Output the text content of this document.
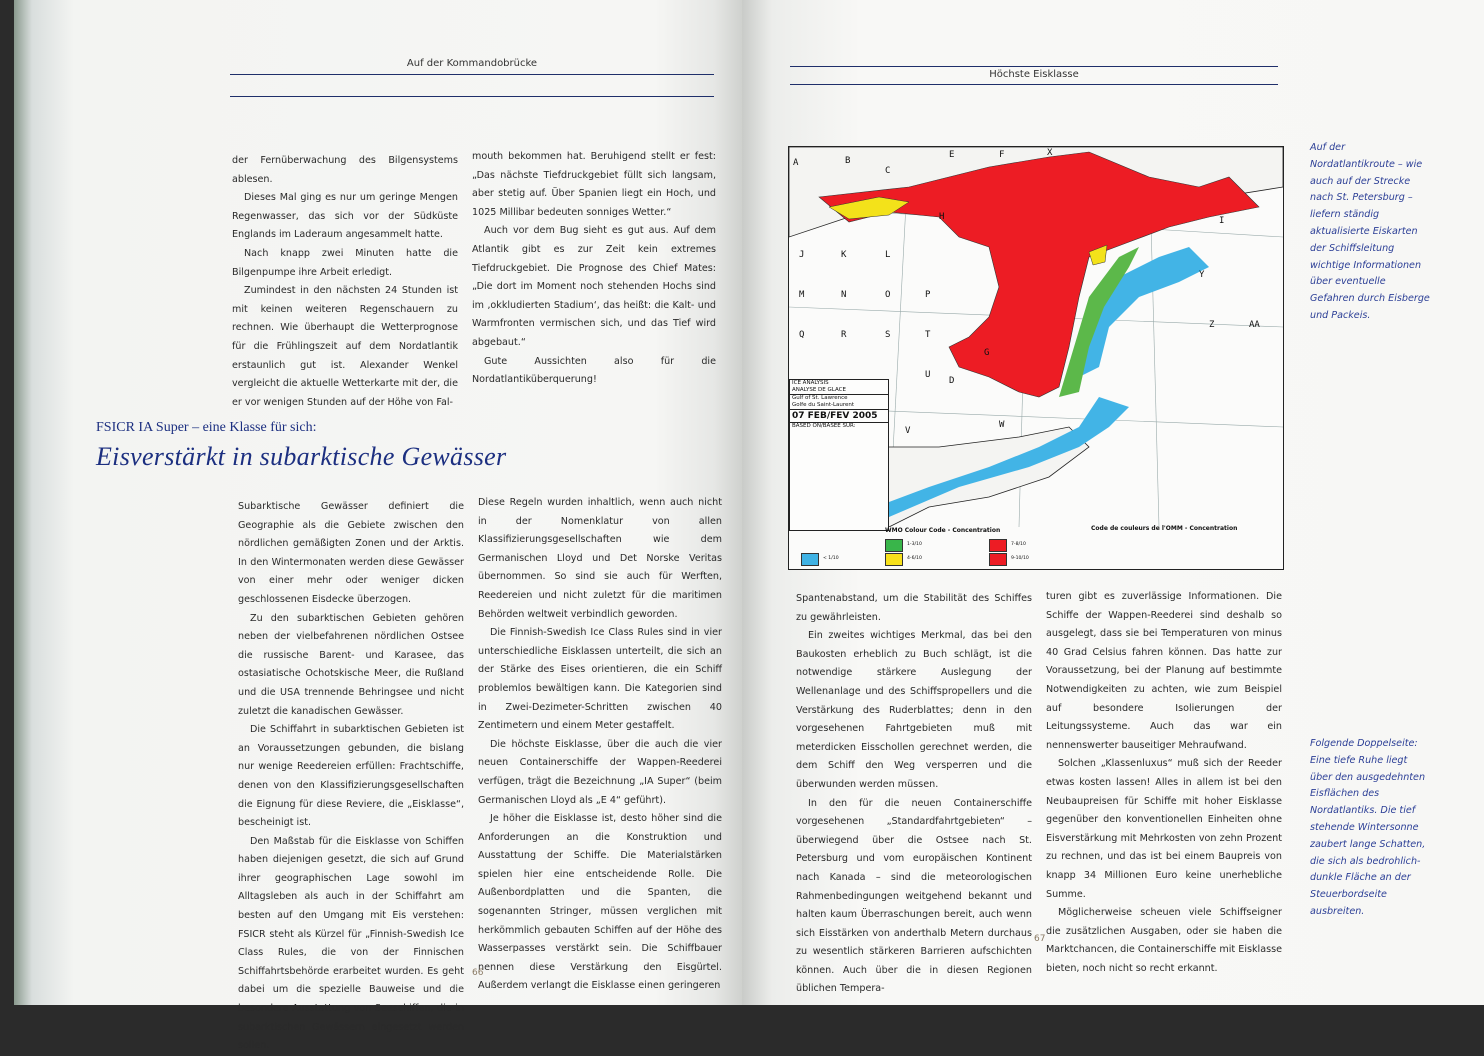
Auf der Kommandobrücke

der Fernüberwachung des Bilgensystems ablesen.

Dieses Mal ging es nur um geringe Mengen Regenwasser, das sich vor der Südküste Englands im Laderaum angesammelt hatte.

Nach knapp zwei Minuten hatte die Bilgenpumpe ihre Arbeit erledigt.

Zumindest in den nächsten 24 Stunden ist mit keinen weiteren Regenschauern zu rechnen. Wie überhaupt die Wetterprognose für die Frühlingszeit auf dem Nordatlantik erstaunlich gut ist. Alexander Wenkel vergleicht die aktuelle Wetterkarte mit der, die er vor wenigen Stunden auf der Höhe von Fal-

mouth bekommen hat. Beruhigend stellt er fest: „Das nächste Tiefdruckgebiet füllt sich langsam, aber stetig auf. Über Spanien liegt ein Hoch, und 1025 Millibar bedeuten sonniges Wetter.“

Auch vor dem Bug sieht es gut aus. Auf dem Atlantik gibt es zur Zeit kein extremes Tiefdruckgebiet. Die Prognose des Chief Mates: „Die dort im Moment noch stehenden Hochs sind im ‚okkludierten Stadium‘, das heißt: die Kalt- und Warmfronten vermischen sich, und das Tief wird abgebaut.“

Gute Aussichten also für die Nordatlantiküberquerung!

FSICR IA Super – eine Klasse für sich:
Eisverstärkt in subarktische Gewässer

Subarktische Gewässer definiert die Geographie als die Gebiete zwischen den nördlichen gemäßigten Zonen und der Arktis. In den Wintermonaten werden diese Gewässer von einer mehr oder weniger dicken geschlossenen Eisdecke überzogen.

Zu den subarktischen Gebieten gehören neben der vielbefahrenen nördlichen Ostsee die russische Barent- und Karasee, das ostasiatische Ochotskische Meer, die Rußland und die USA trennende Behringsee und nicht zuletzt die kanadischen Gewässer.

Die Schiffahrt in subarktischen Gebieten ist an Voraussetzungen gebunden, die bislang nur wenige Reedereien erfüllen: Frachtschiffe, denen von den Klassifizierungsgesellschaften die Eignung für diese Reviere, die „Eisklasse“, bescheinigt ist.

Den Maßstab für die Eisklasse von Schiffen haben diejenigen gesetzt, die sich auf Grund ihrer geographischen Lage sowohl im Alltagsleben als auch in der Schiffahrt am besten auf den Umgang mit Eis verstehen: FSICR steht als Kürzel für „Finnish-Swedish Ice Class Rules, die von der Finnischen Schiffahrtsbehörde erarbeitet wurden. Es geht dabei um die spezielle Bauweise und die besondere Ausstattung von Seeschiffen, die in subarktischen Gewässern eingesetzt werden sollen.

Diese Regeln wurden inhaltlich, wenn auch nicht in der Nomenklatur von allen Klassifizierungsgesellschaften wie dem Germanischen Lloyd und Det Norske Veritas übernommen. So sind sie auch für Werften, Reedereien und nicht zuletzt für die maritimen Behörden weltweit verbindlich geworden.

Die Finnish-Swedish Ice Class Rules sind in vier unterschiedliche Eisklassen unterteilt, die sich an der Stärke des Eises orientieren, die ein Schiff problemlos bewältigen kann. Die Kategorien sind in Zwei-Dezimeter-Schritten zwischen 40 Zentimetern und einem Meter gestaffelt.

Die höchste Eisklasse, über die auch die vier neuen Containerschiffe der Wappen-Reederei verfügen, trägt die Bezeichnung „IA Super“ (beim Germanischen Lloyd als „E 4“ geführt).

Je höher die Eisklasse ist, desto höher sind die Anforderungen an die Konstruktion und Ausstattung der Schiffe. Die Materialstärken spielen hier eine entscheidende Rolle. Die Außenbordplatten und die Spanten, die sogenannten Stringer, müssen verglichen mit herkömmlich gebauten Schiffen auf der Höhe des Wasserpasses verstärkt sein. Die Schiffbauer nennen diese Verstärkung den Eisgürtel. Außerdem verlangt die Eisklasse einen geringeren

66
Höchste Eisklasse

Auf der Nordatlantikroute – wie auch auf der Strecke nach St. Petersburg – liefern ständig aktualisierte Eiskarten der Schiffsleitung wichtige Informationen über eventuelle Gefahren durch Eisberge und Packeis.

Folgende Doppelseite: Eine tiefe Ruhe liegt über den ausgedehnten Eisflächen des Nordatlantiks. Die tief stehende Wintersonne zaubert lange Schatten, die sich als bedrohlich-dunkle Fläche an der Steuerbordseite ausbreiten.

A	B
C
D
E	F
G
H	I
J	K	L
M	N	O	P
Q	R	S	T
U
V
W
X
Y
Z	AA
ICE ANALYSIS
ANALYSE DE GLACE
Gulf of St. Lawrence
Golfe du Saint-Laurent
07 FEB/FEV 2005
BASED ON/BASEE SUR:
WMO Colour Code - Concentration	Code de couleurs de l'OMM - Concentration
< 1/10
1-3/10
4-6/10
7-8/10
9-10/10

Spantenabstand, um die Stabilität des Schiffes zu gewährleisten.

Ein zweites wichtiges Merkmal, das bei den Baukosten erheblich zu Buch schlägt, ist die notwendige stärkere Auslegung der Wellenanlage und des Schiffspropellers und die Verstärkung des Ruderblattes; denn in den vorgesehenen Fahrtgebieten muß mit meterdicken Eisschollen gerechnet werden, die dem Schiff den Weg versperren und die überwunden werden müssen.

In den für die neuen Containerschiffe vorgesehenen „Standardfahrtgebieten“ – überwiegend über die Ostsee nach St. Petersburg und vom europäischen Kontinent nach Kanada – sind die meteorologischen Rahmenbedingungen weitgehend bekannt und halten kaum Überraschungen bereit, auch wenn sich Eisstärken von anderthalb Metern durchaus zu wesentlich stärkeren Barrieren aufschichten können. Auch über die in diesen Regionen üblichen Tempera-

turen gibt es zuverlässige Informationen. Die Schiffe der Wappen-Reederei sind deshalb so ausgelegt, dass sie bei Temperaturen von minus 40 Grad Celsius fahren können. Das hatte zur Voraussetzung, bei der Planung auf bestimmte Notwendigkeiten zu achten, wie zum Beispiel auf besondere Isolierungen der Leitungssysteme. Auch das war ein nennenswerter bauseitiger Mehraufwand.

Solchen „Klassenluxus“ muß sich der Reeder etwas kosten lassen! Alles in allem ist bei den Neubaupreisen für Schiffe mit hoher Eisklasse gegenüber den konventionellen Einheiten ohne Eisverstärkung mit Mehrkosten von zehn Prozent zu rechnen, und das ist bei einem Baupreis von knapp 34 Millionen Euro keine unerhebliche Summe.

Möglicherweise scheuen viele Schiffseigner die zusätzlichen Ausgaben, oder sie haben die Marktchancen, die Containerschiffe mit Eisklasse bieten, noch nicht so recht erkannt.

67
